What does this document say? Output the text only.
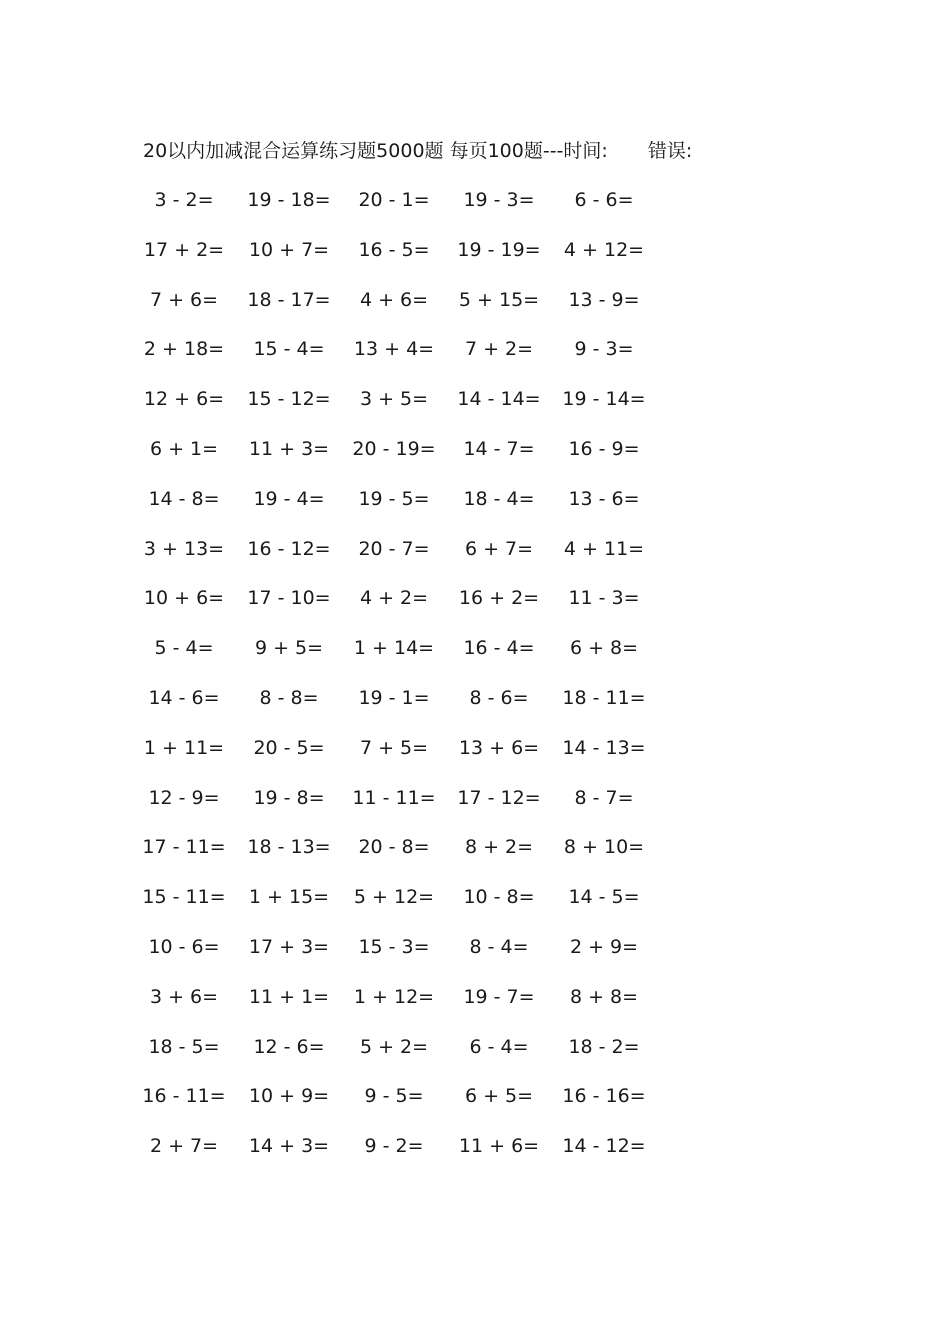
20以内加减混合运算练习题5000题 每页100题---时间: 错误:
3 - 2=	19 - 18=	20 - 1=	19 - 3=	6 - 6=
17 + 2=	10 + 7=	16 - 5=	19 - 19=	4 + 12=
7 + 6=	18 - 17=	4 + 6=	5 + 15=	13 - 9=
2 + 18=	15 - 4=	13 + 4=	7 + 2=	9 - 3=
12 + 6=	15 - 12=	3 + 5=	14 - 14=	19 - 14=
6 + 1=	11 + 3=	20 - 19=	14 - 7=	16 - 9=
14 - 8=	19 - 4=	19 - 5=	18 - 4=	13 - 6=
3 + 13=	16 - 12=	20 - 7=	6 + 7=	4 + 11=
10 + 6=	17 - 10=	4 + 2=	16 + 2=	11 - 3=
5 - 4=	9 + 5=	1 + 14=	16 - 4=	6 + 8=
14 - 6=	8 - 8=	19 - 1=	8 - 6=	18 - 11=
1 + 11=	20 - 5=	7 + 5=	13 + 6=	14 - 13=
12 - 9=	19 - 8=	11 - 11=	17 - 12=	8 - 7=
17 - 11=	18 - 13=	20 - 8=	8 + 2=	8 + 10=
15 - 11=	1 + 15=	5 + 12=	10 - 8=	14 - 5=
10 - 6=	17 + 3=	15 - 3=	8 - 4=	2 + 9=
3 + 6=	11 + 1=	1 + 12=	19 - 7=	8 + 8=
18 - 5=	12 - 6=	5 + 2=	6 - 4=	18 - 2=
16 - 11=	10 + 9=	9 - 5=	6 + 5=	16 - 16=
2 + 7=	14 + 3=	9 - 2=	11 + 6=	14 - 12=
